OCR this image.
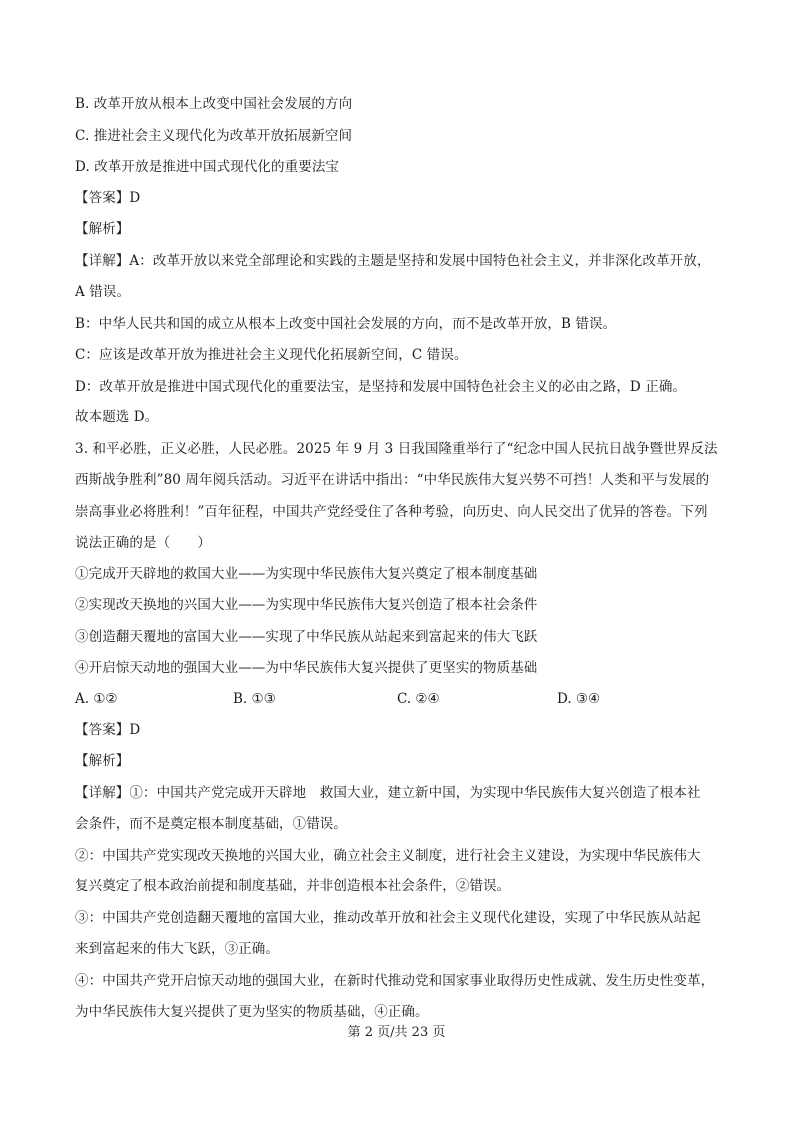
B. 改革开放从根本上改变中国社会发展的方向
C. 推进社会主义现代化为改革开放拓展新空间
D. 改革开放是推进中国式现代化的重要法宝
【答案】D
【解析】
【详解】A：改革开放以来党全部理论和实践的主题是坚持和发展中国特色社会主义，并非深化改革开放，
A 错误。
B：中华人民共和国的成立从根本上改变中国社会发展的方向，而不是改革开放，B 错误。
C：应该是改革开放为推进社会主义现代化拓展新空间，C 错误。
D：改革开放是推进中国式现代化的重要法宝，是坚持和发展中国特色社会主义的必由之路，D 正确。
故本题选 D。
3. 和平必胜，正义必胜，人民必胜。2025 年 9 月 3 日我国隆重举行了“纪念中国人民抗日战争暨世界反法
西斯战争胜利”80 周年阅兵活动。习近平在讲话中指出：“中华民族伟大复兴势不可挡！人类和平与发展的
崇高事业必将胜利！”百年征程，中国共产党经受住了各种考验，向历史、向人民交出了优异的答卷。下列
说法正确的是（　　）
①完成开天辟地的救国大业——为实现中华民族伟大复兴奠定了根本制度基础
②实现改天换地的兴国大业——为实现中华民族伟大复兴创造了根本社会条件
③创造翻天覆地的富国大业——实现了中华民族从站起来到富起来的伟大飞跃
④开启惊天动地的强国大业——为中华民族伟大复兴提供了更坚实的物质基础
A. ①②	B. ①③	C. ②④	D. ③④
【答案】D
【解析】
【详解】①：中国共产党完成开天辟地　救国大业，建立新中国，为实现中华民族伟大复兴创造了根本社
会条件，而不是奠定根本制度基础，①错误。
②：中国共产党实现改天换地的兴国大业，确立社会主义制度，进行社会主义建设，为实现中华民族伟大
复兴奠定了根本政治前提和制度基础，并非创造根本社会条件，②错误。
③：中国共产党创造翻天覆地的富国大业，推动改革开放和社会主义现代化建设，实现了中华民族从站起
来到富起来的伟大飞跃，③正确。
④：中国共产党开启惊天动地的强国大业，在新时代推动党和国家事业取得历史性成就、发生历史性变革，
为中华民族伟大复兴提供了更为坚实的物质基础，④正确。
第 2 页/共 23 页
